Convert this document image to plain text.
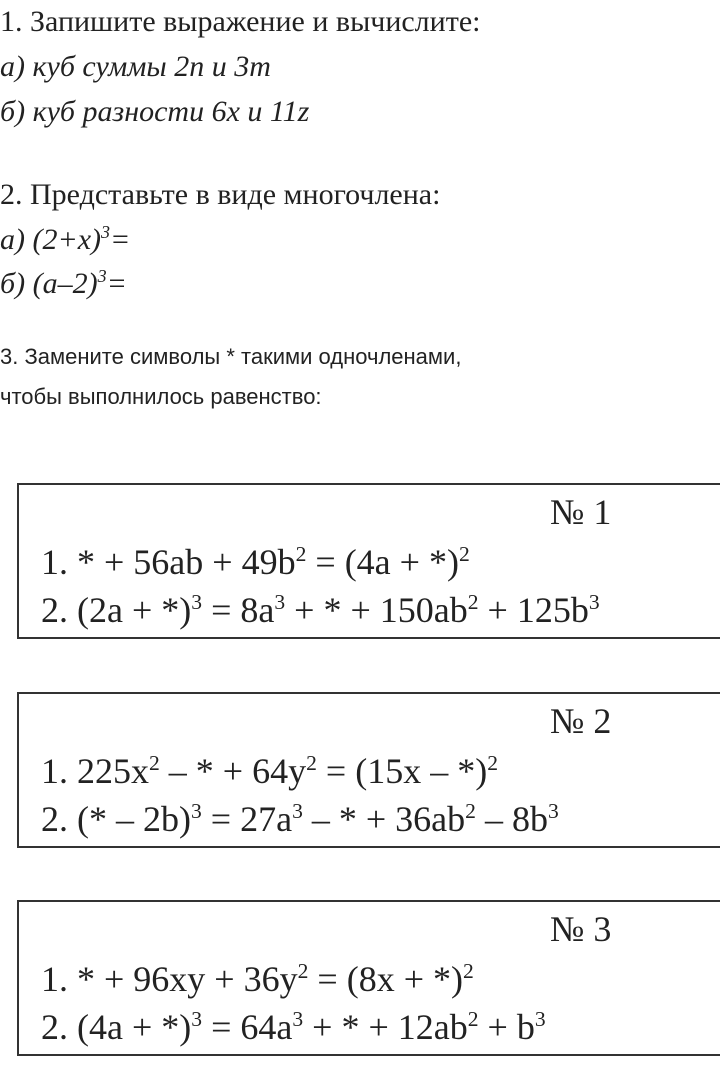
1. Запишите выражение и вычислите:
а) куб суммы 2n и 3m
б) куб разности 6x и 11z
2. Представьте в виде многочлена:
а) $(2+x)^3=$
б) $(a-2)^3=$
3. Замените символы * такими одночленами,
чтобы выполнилось равенство:
№ 1
1. * + $56ab + 49b^2 = (4a + *)^2$
2. $(2a + *)^3 = 8a^3$ + * + $150ab^2 + 125b^3$
№ 2
1. $225x^2$ – * + $64y^2 = (15x - *)^2$
2. (* – $2b)^3 = 27a^3$ – * + $36ab^2 - 8b^3$
№ 3
1. * + $96xy + 36y^2 = (8x + *)^2$
2. $(4a + *)^3 = 64a^3$ + * + $12ab^2 + b^3$
